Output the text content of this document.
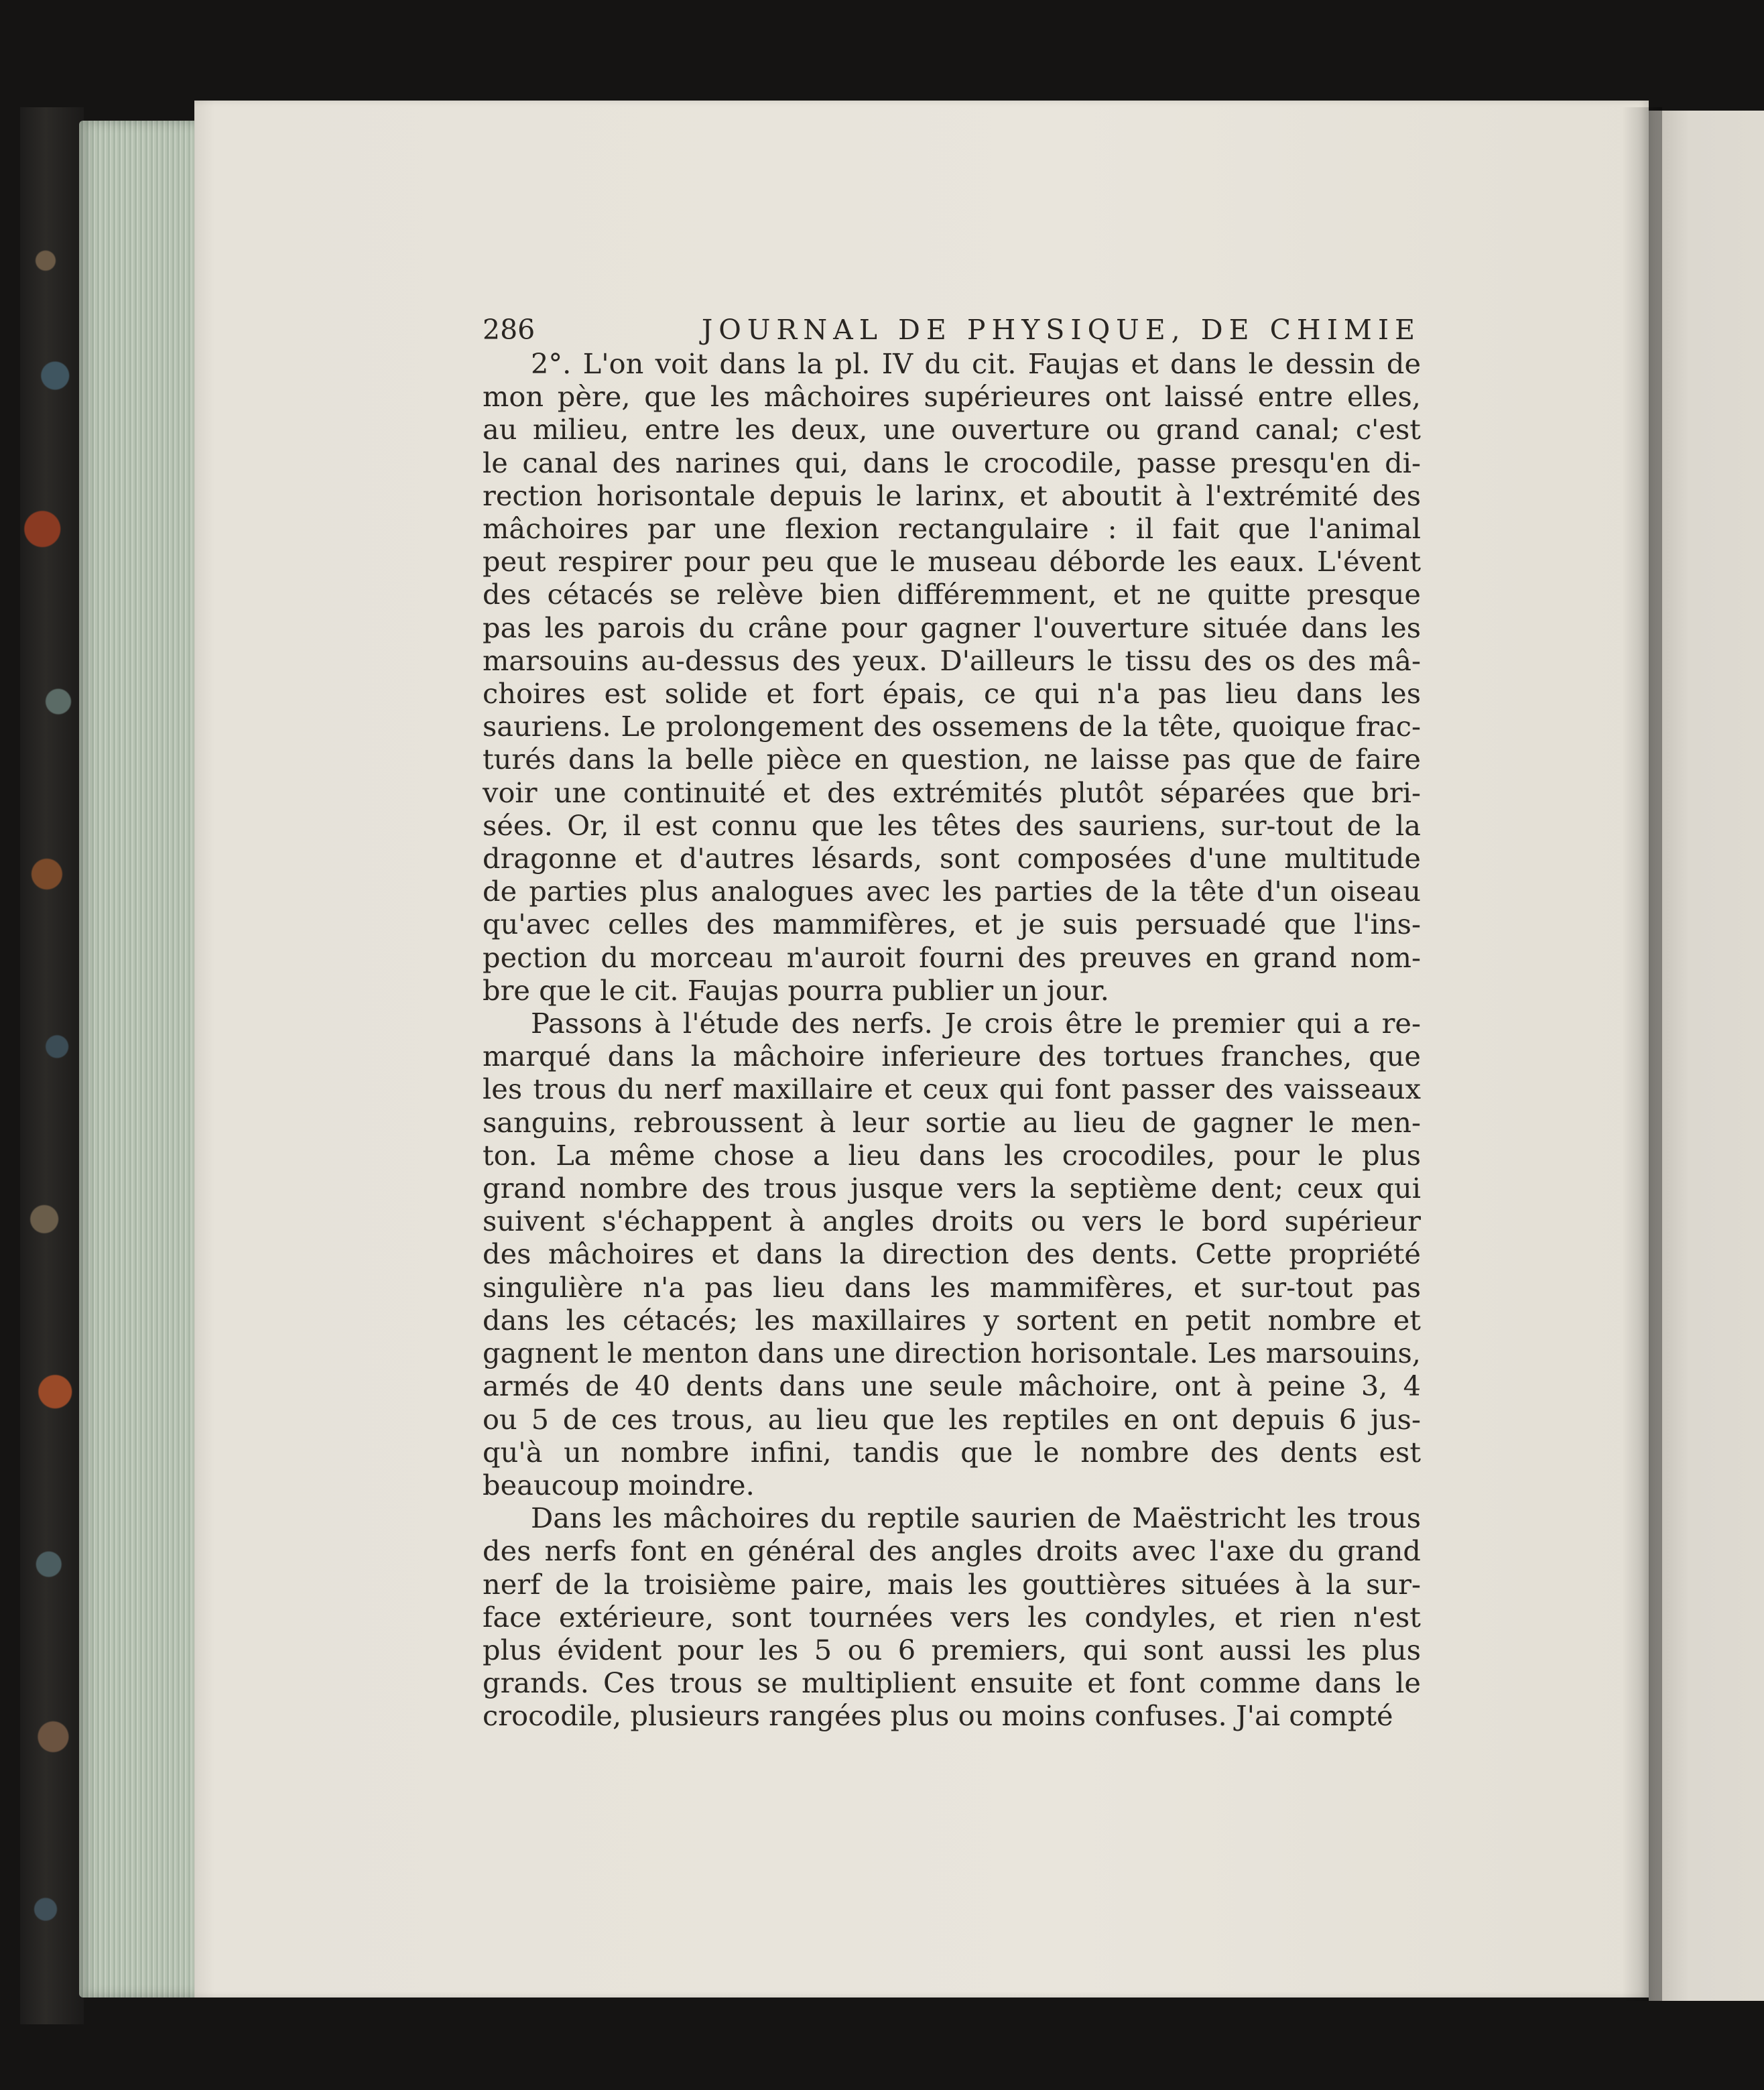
286	JOURNAL DE PHYSIQUE, DE CHIMIE
2°. L'on voit dans la pl. IV du cit. Faujas et dans le dessin de
mon père, que les mâchoires supérieures ont laissé entre elles,
au milieu, entre les deux, une ouverture ou grand canal; c'est
le canal des narines qui, dans le crocodile, passe presqu'en di-
rection horisontale depuis le larinx, et aboutit à l'extrémité des
mâchoires par une flexion rectangulaire : il fait que l'animal
peut respirer pour peu que le museau déborde les eaux. L'évent
des cétacés se relève bien différemment, et ne quitte presque
pas les parois du crâne pour gagner l'ouverture située dans les
marsouins au-dessus des yeux. D'ailleurs le tissu des os des mâ-
choires est solide et fort épais, ce qui n'a pas lieu dans les
sauriens. Le prolongement des ossemens de la tête, quoique frac-
turés dans la belle pièce en question, ne laisse pas que de faire
voir une continuité et des extrémités plutôt séparées que bri-
sées. Or, il est connu que les têtes des sauriens, sur-tout de la
dragonne et d'autres lésards, sont composées d'une multitude
de parties plus analogues avec les parties de la tête d'un oiseau
qu'avec celles des mammifères, et je suis persuadé que l'ins-
pection du morceau m'auroit fourni des preuves en grand nom-
bre que le cit. Faujas pourra publier un jour.
Passons à l'étude des nerfs. Je crois être le premier qui a re-
marqué dans la mâchoire inferieure des tortues franches, que
les trous du nerf maxillaire et ceux qui font passer des vaisseaux
sanguins, rebroussent à leur sortie au lieu de gagner le men-
ton. La même chose a lieu dans les crocodiles, pour le plus
grand nombre des trous jusque vers la septième dent; ceux qui
suivent s'échappent à angles droits ou vers le bord supérieur
des mâchoires et dans la direction des dents. Cette propriété
singulière n'a pas lieu dans les mammifères, et sur-tout pas
dans les cétacés; les maxillaires y sortent en petit nombre et
gagnent le menton dans une direction horisontale. Les marsouins,
armés de 40 dents dans une seule mâchoire, ont à peine 3, 4
ou 5 de ces trous, au lieu que les reptiles en ont depuis 6 jus-
qu'à un nombre infini, tandis que le nombre des dents est
beaucoup moindre.
Dans les mâchoires du reptile saurien de Maëstricht les trous
des nerfs font en général des angles droits avec l'axe du grand
nerf de la troisième paire, mais les gouttières situées à la sur-
face extérieure, sont tournées vers les condyles, et rien n'est
plus évident pour les 5 ou 6 premiers, qui sont aussi les plus
grands. Ces trous se multiplient ensuite et font comme dans le
crocodile, plusieurs rangées plus ou moins confuses. J'ai compté
